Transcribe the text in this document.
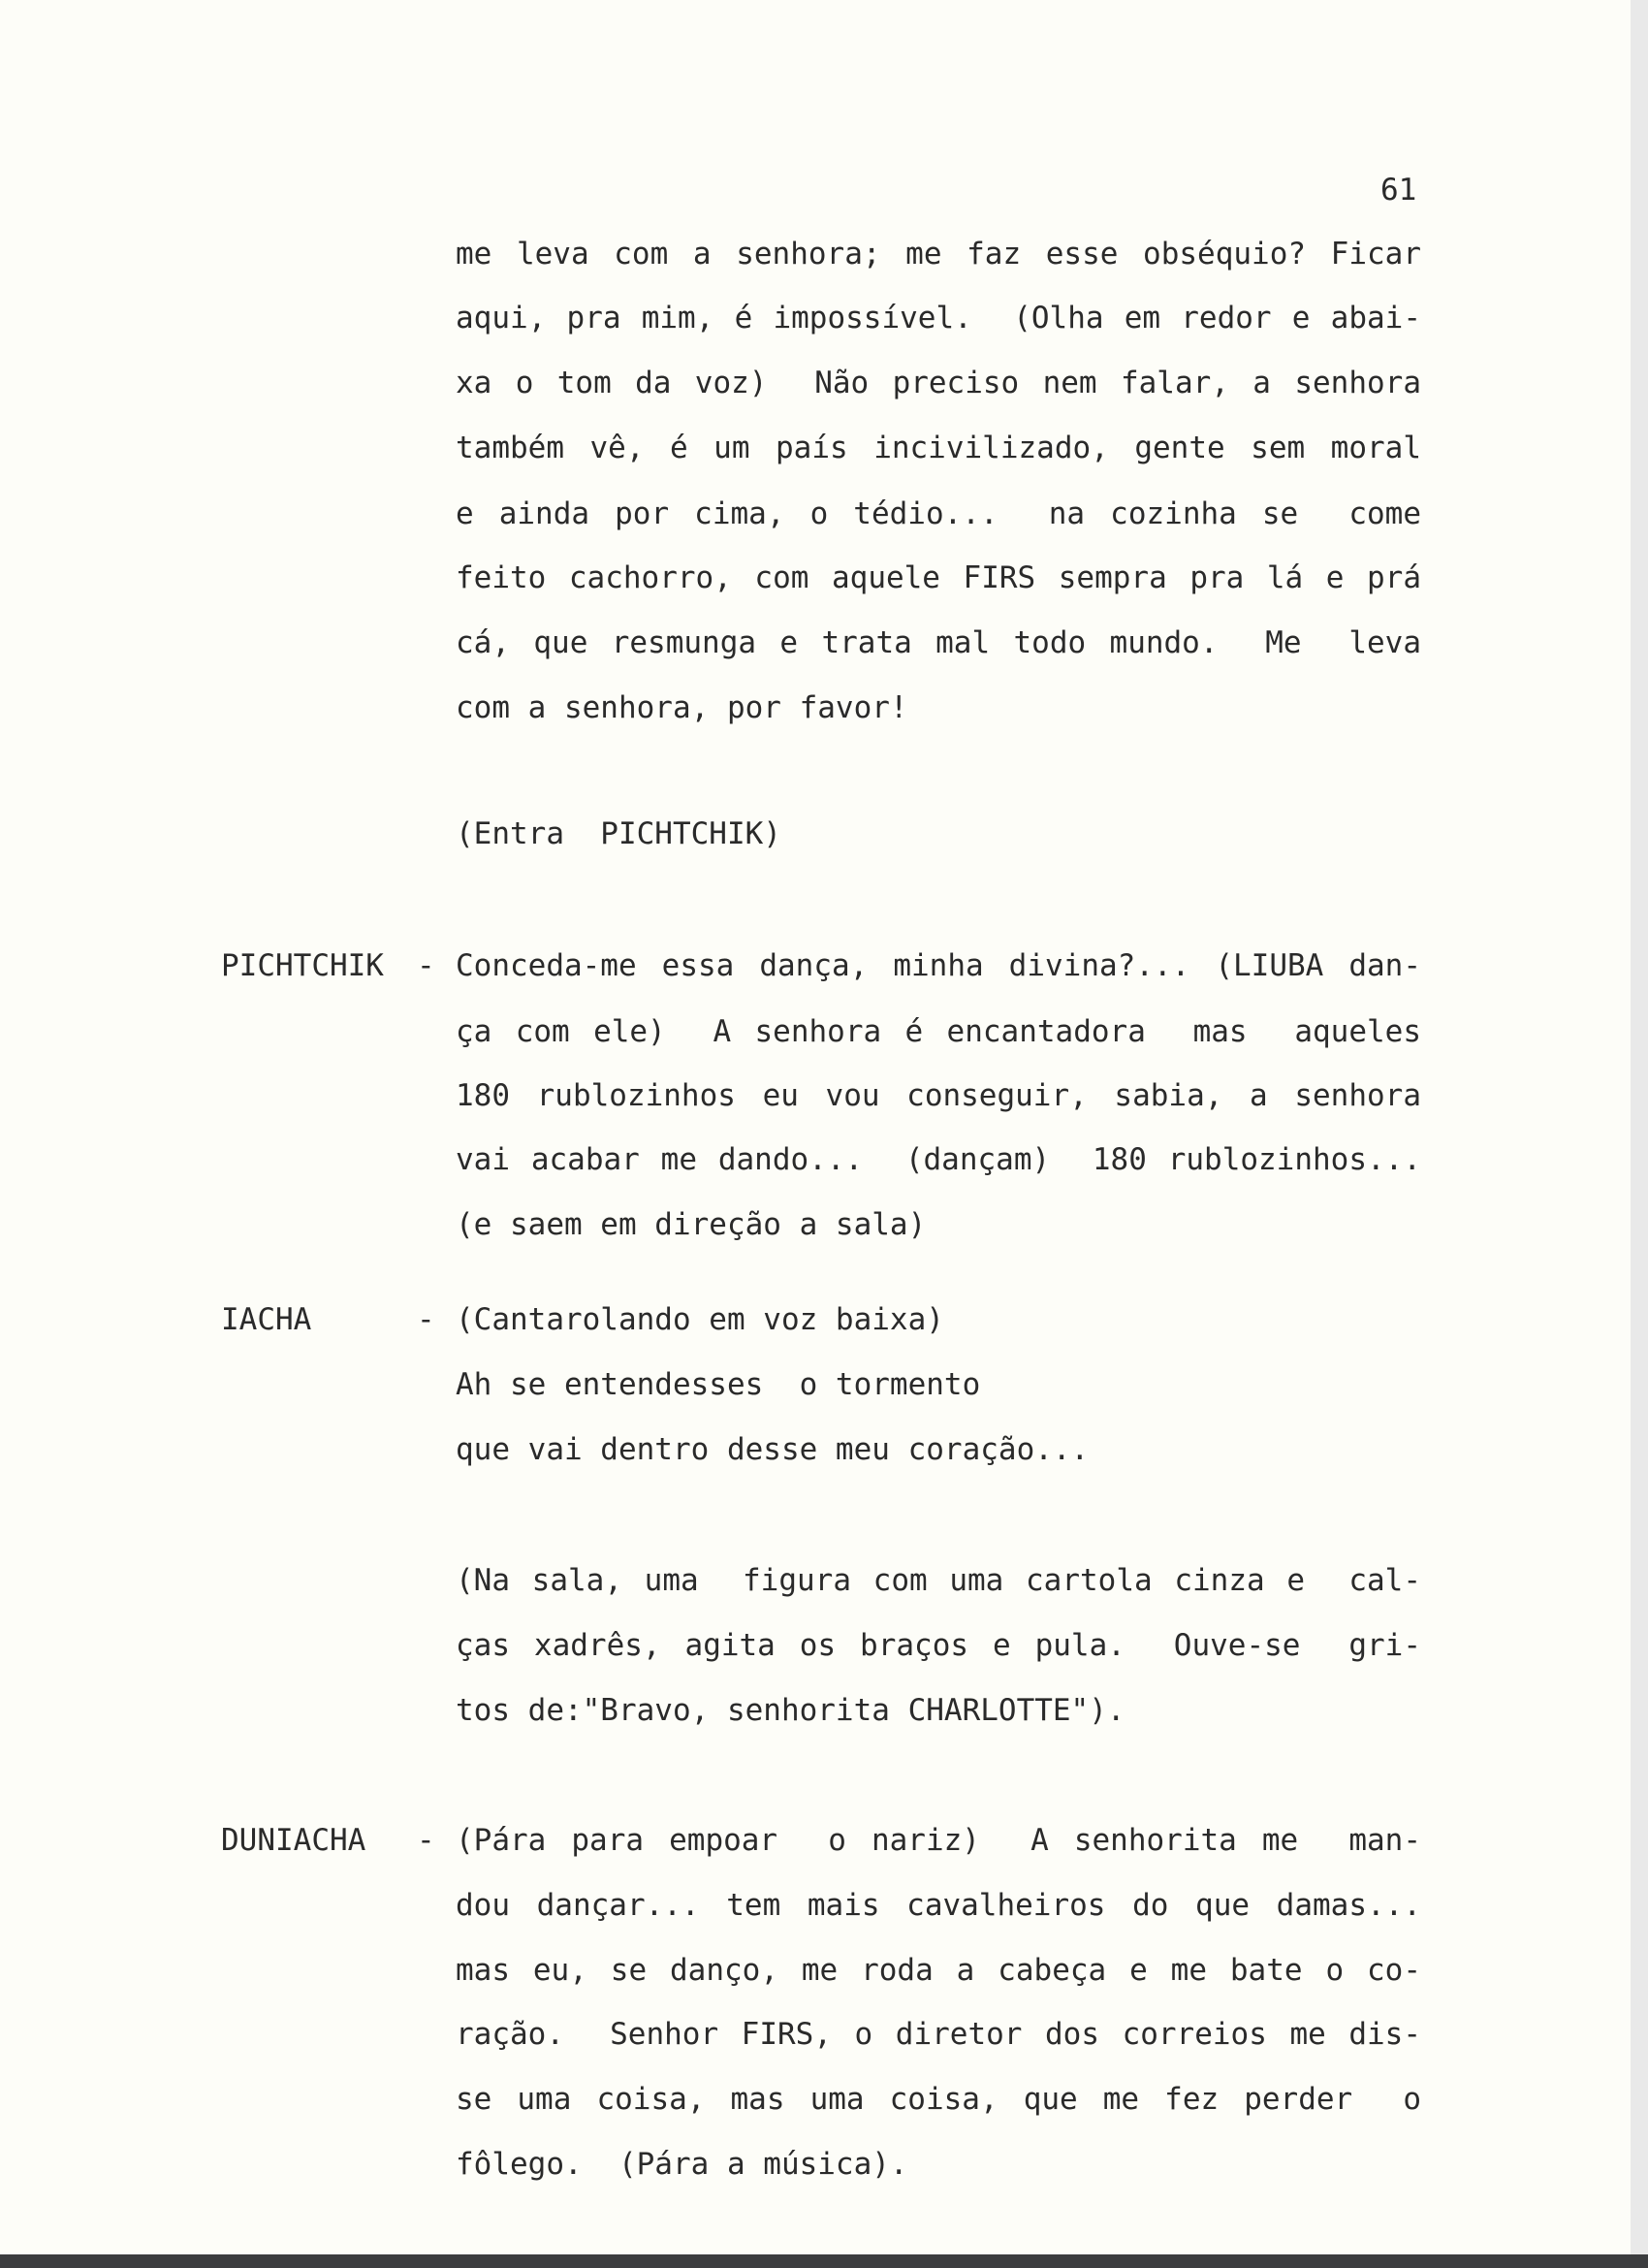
61
me leva com a senhora; me faz esse obséquio? Ficar
aqui, pra mim, é impossível.  (Olha em redor e abai-
xa o tom da voz)  Não preciso nem falar, a senhora
também vê, é um país incivilizado, gente sem moral
e ainda por cima, o tédio...  na cozinha se  come
feito cachorro, com aquele FIRS sempra pra lá e prá
cá, que resmunga e trata mal todo mundo.  Me  leva
com a senhora, por favor!
(Entra  PICHTCHIK)
PICHTCHIK - Conceda-me essa dança, minha divina?... (LIUBA dan-
ça com ele)  A senhora é encantadora  mas  aqueles
180 rublozinhos eu vou conseguir, sabia, a senhora
vai acabar me dando...  (dançam)  180 rublozinhos...
(e saem em direção a sala)
IACHA	- (Cantarolando em voz baixa)
Ah se entendesses  o tormento
que vai dentro desse meu coração...
(Na sala, uma  figura com uma cartola cinza e  cal-
ças xadrês, agita os braços e pula.  Ouve-se  gri-
tos de:"Bravo, senhorita CHARLOTTE").
DUNIACHA - (Pára para empoar  o nariz)  A senhorita me  man-
dou dançar... tem mais cavalheiros do que damas...
mas eu, se danço, me roda a cabeça e me bate o co-
ração.  Senhor FIRS, o diretor dos correios me dis-
se uma coisa, mas uma coisa, que me fez perder  o
fôlego.  (Pára a música).
